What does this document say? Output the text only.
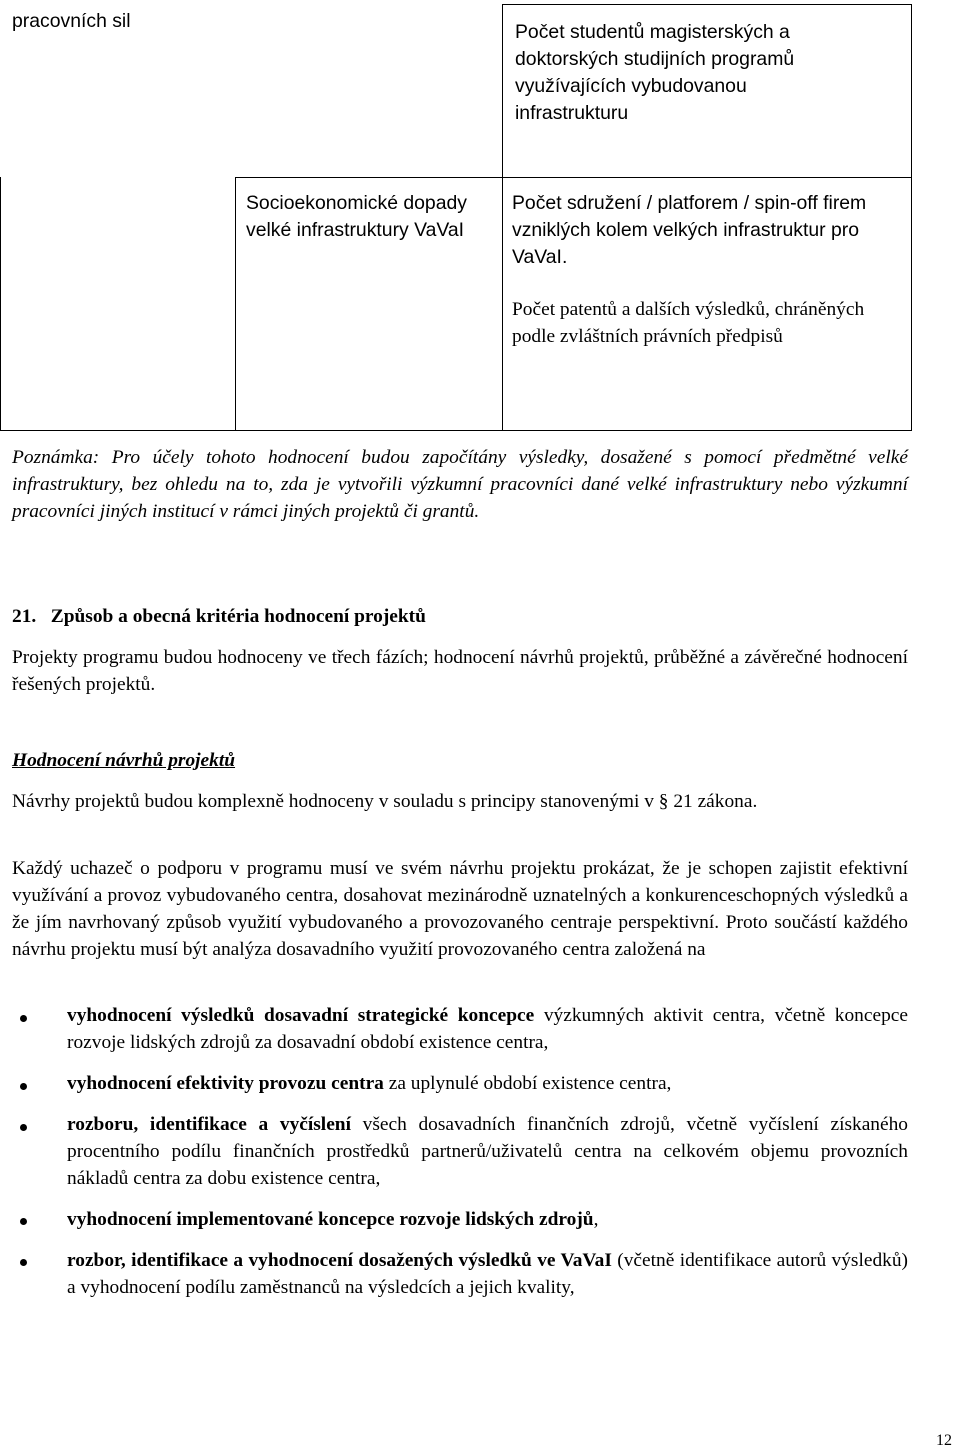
pracovních sil	Počet studentů magisterských a doktorských studijních programů využívajících vybudovanou infrastrukturu
Socioekonomické dopady velké infrastruktury VaVaI
Počet sdružení / platforem / spin-off firem vzniklých kolem velkých infrastruktur pro VaVaI.
Počet patentů a dalších výsledků, chráněných podle zvláštních právních předpisů
Poznámka: Pro účely tohoto hodnocení budou započítány výsledky, dosažené s pomocí předmětné velké infrastruktury, bez ohledu na to, zda je vytvořili výzkumní pracovníci dané velké infrastruktury nebo výzkumní pracovníci jiných institucí v rámci jiných projektů či grantů.
21. Způsob a obecná kritéria hodnocení projektů
Projekty programu budou hodnoceny ve třech fázích; hodnocení návrhů projektů, průběžné a závěrečné hodnocení řešených projektů.
Hodnocení návrhů projektů
Návrhy projektů budou komplexně hodnoceny v souladu s principy stanovenými v § 21 zákona.
Každý uchazeč o podporu v programu musí ve svém návrhu projektu prokázat, že je schopen zajistit efektivní využívání a provoz vybudovaného centra, dosahovat mezinárodně uznatelných a konkurenceschopných výsledků a že jím navrhovaný způsob využití vybudovaného a provozovaného centraje perspektivní. Proto součástí každého návrhu projektu musí být analýza dosavadního využití provozovaného centra založená na
vyhodnocení výsledků dosavadní strategické koncepce výzkumných aktivit centra, včetně koncepce rozvoje lidských zdrojů za dosavadní období existence centra,
vyhodnocení efektivity provozu centra za uplynulé období existence centra,
rozboru, identifikace a vyčíslení všech dosavadních finančních zdrojů, včetně vyčíslení získaného procentního podílu finančních prostředků partnerů/uživatelů centra na celkovém objemu provozních nákladů centra za dobu existence centra,
vyhodnocení implementované koncepce rozvoje lidských zdrojů,
rozbor, identifikace a vyhodnocení dosažených výsledků ve VaVaI (včetně identifikace autorů výsledků) a vyhodnocení podílu zaměstnanců na výsledcích a jejich kvality,
12
